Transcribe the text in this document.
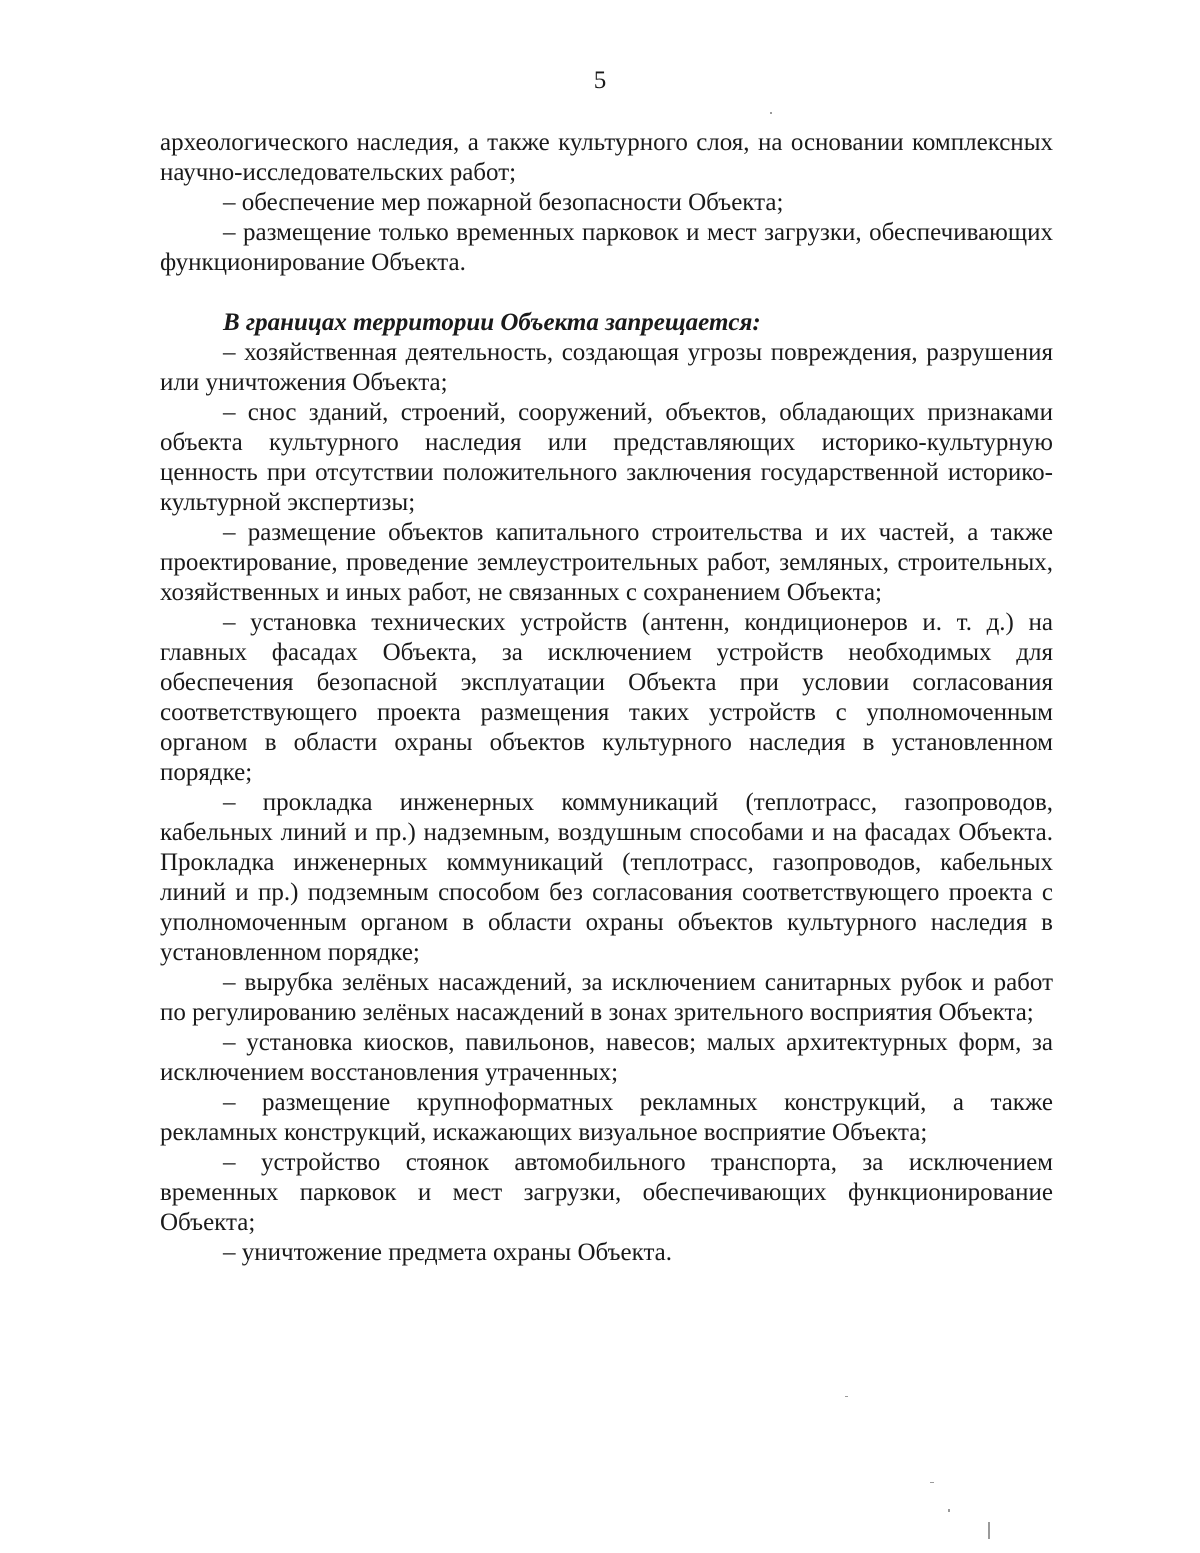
5

археологического наследия, а также культурного слоя, на основании комплексных научно-исследовательских работ;

– обеспечение мер пожарной безопасности Объекта;

– размещение только временных парковок и мест загрузки, обеспечивающих функционирование Объекта.

В границах территории Объекта запрещается:

– хозяйственная деятельность, создающая угрозы повреждения, разрушения или уничтожения Объекта;

– снос зданий, строений, сооружений, объектов, обладающих признаками объекта культурного наследия или представляющих историко-культурную ценность при отсутствии положительного заключения государственной историко-культурной экспертизы;

– размещение объектов капитального строительства и их частей, а также проектирование, проведение землеустроительных работ, земляных, строительных, хозяйственных и иных работ, не связанных с сохранением Объекта;

– установка технических устройств (антенн, кондиционеров и. т. д.) на главных фасадах Объекта, за исключением устройств необходимых для обеспечения безопасной эксплуатации Объекта при условии согласования соответствующего проекта размещения таких устройств с уполномоченным органом в области охраны объектов культурного наследия в установленном порядке;

– прокладка инженерных коммуникаций (теплотрасс, газопроводов, кабельных линий и пр.) надземным, воздушным способами и на фасадах Объекта. Прокладка инженерных коммуникаций (теплотрасс, газопроводов, кабельных линий и пр.) подземным способом без согласования соответствующего проекта с уполномоченным органом в области охраны объектов культурного наследия в установленном порядке;

– вырубка зелёных насаждений, за исключением санитарных рубок и работ по регулированию зелёных насаждений в зонах зрительного восприятия Объекта;

– установка киосков, павильонов, навесов; малых архитектурных форм, за исключением восстановления утраченных;

– размещение крупноформатных рекламных конструкций, а также рекламных конструкций, искажающих визуальное восприятие Объекта;

– устройство стоянок автомобильного транспорта, за исключением временных парковок и мест загрузки, обеспечивающих функционирование Объекта;

– уничтожение предмета охраны Объекта.
